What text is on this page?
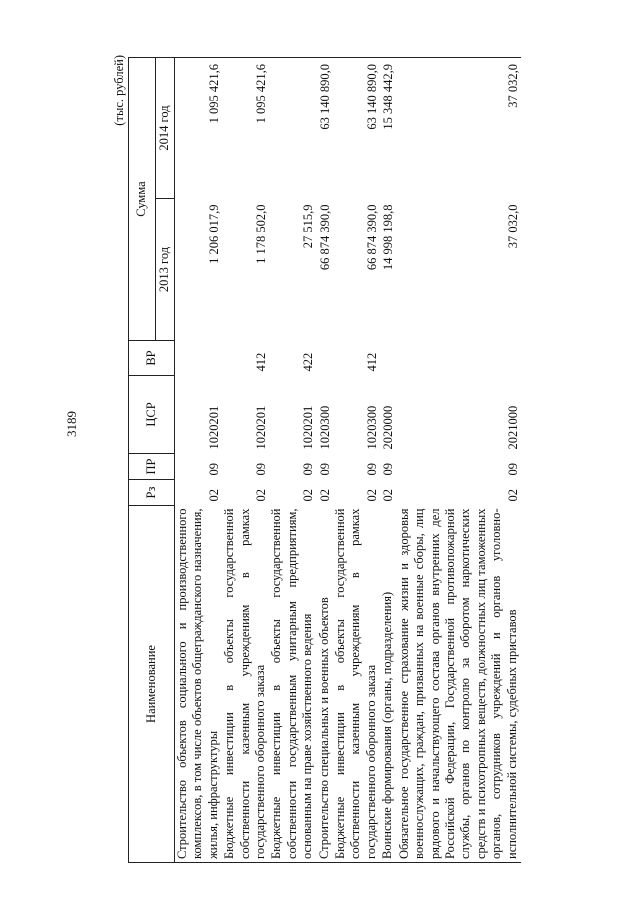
3189
(тыс. рублей)
Наименование	Рз	ПР	ЦСР	ВР	Сумма	
					2013 год	2014 год
Строительство объектов социального и производственного комплексов, в том числе объектов общегражданского назначения, жилья, инфраструктуры	02	09	1020201		1 206 017,9	1 095 421,6
Бюджетные инвестиции в объекты государственной собственности казенным учреждениям в рамках государственного оборонного заказа	02	09	1020201	412	1 178 502,0	1 095 421,6
Бюджетные инвестиции в объекты государственной собственности государственным унитарным предприятиям, основанным на праве хозяйственного ведения	02	09	1020201	422	27 515,9	
Строительство специальных и военных объектов	02	09	1020300		66 874 390,0	63 140 890,0
Бюджетные инвестиции в объекты государственной собственности казенным учреждениям в рамках государственного оборонного заказа	02	09	1020300	412	66 874 390,0	63 140 890,0
Воинские формирования (органы, подразделения)	02	09	2020000		14 998 198,8	15 348 442,9
Обязательное государственное страхование жизни и здоровья военнослужащих, граждан, призванных на военные сборы, лиц рядового и начальствующего состава органов внутренних дел Российской Федерации, Государственной противопожарной службы, органов по контролю за оборотом наркотических средств и психотропных веществ, должностных лиц таможенных органов, сотрудников учреждений и органов уголовно-исполнительной системы, судебных приставов	02	09	2021000		37 032,0	37 032,0
